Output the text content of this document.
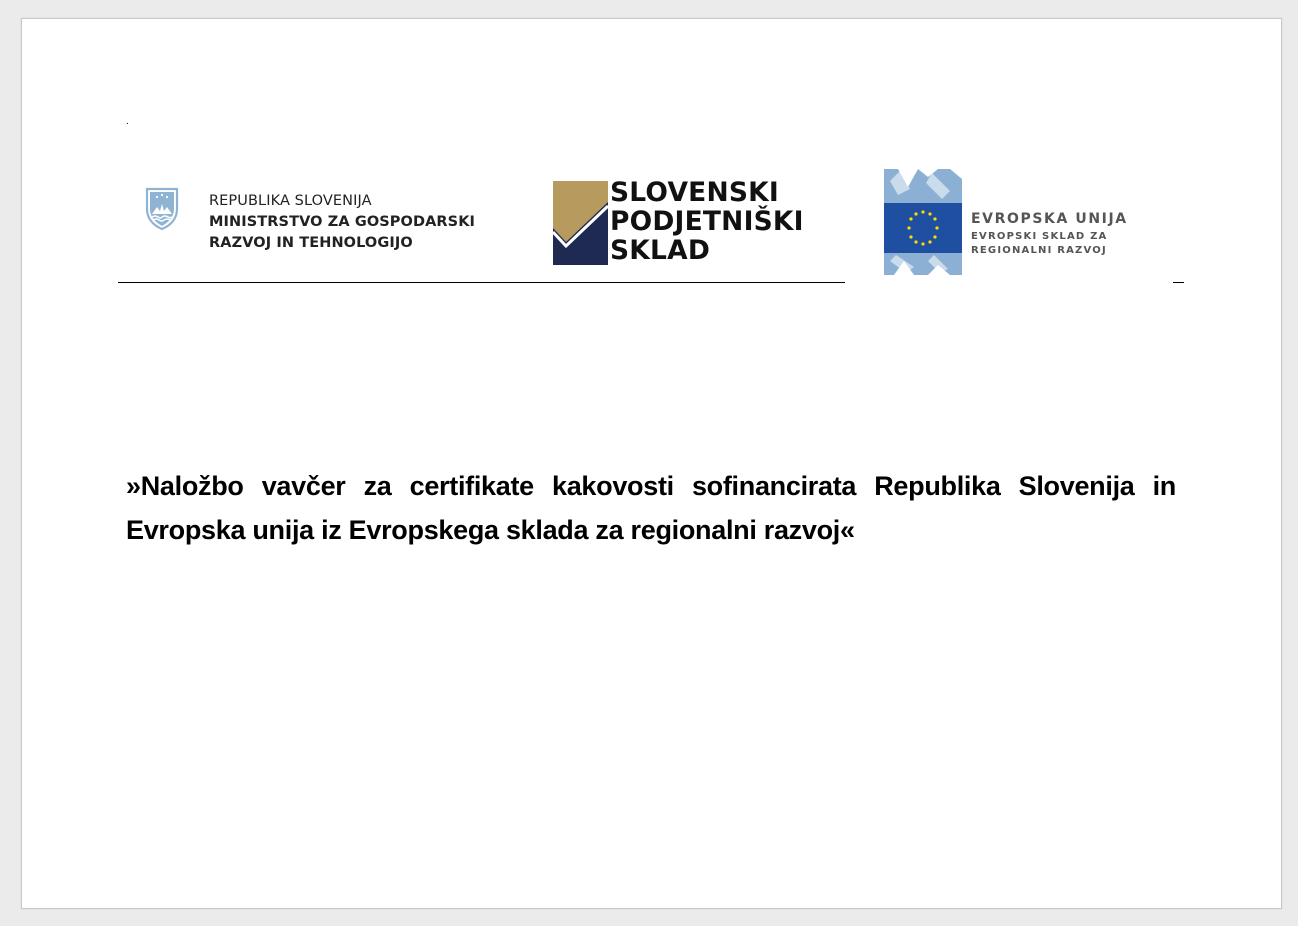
.
REPUBLIKA SLOVENIJA
MINISTRSTVO ZA GOSPODARSKI
RAZVOJ IN TEHNOLOGIJO
SLOVENSKI
PODJETNIŠKI
SKLAD
EVROPSKA UNIJA
EVROPSKI SKLAD ZA
REGIONALNI RAZVOJ
»Naložbo vavčer za certifikate kakovosti sofinancirata Republika Slovenija in Evropska unija iz Evropskega sklada za regionalni razvoj«
